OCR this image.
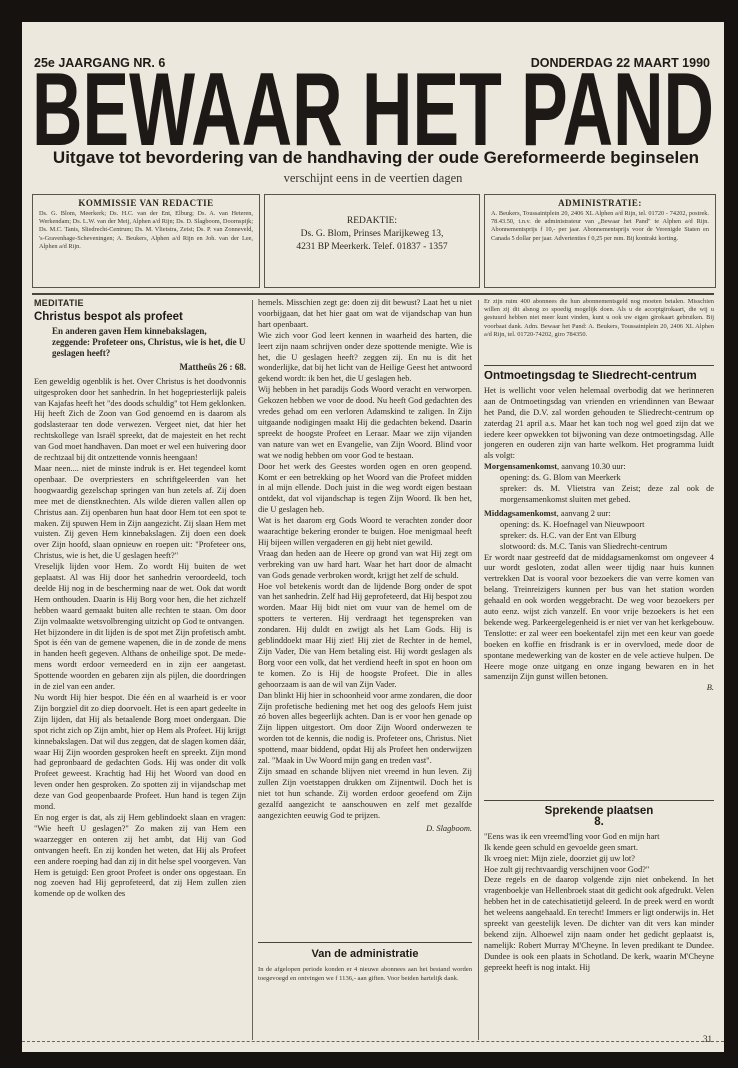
25e JAARGANG NR. 6	DONDERDAG 22 MAART 1990
BEWAAR HET PAND
Uitgave tot bevordering van de handhaving der oude Gereformeerde beginselen
verschijnt eens in de veertien dagen
KOMMISSIE VAN REDACTIE
Ds. G. Blom, Meerkerk; Ds. H.C. van der Ent, Elburg; Ds. A. van Heteren, Werkendam; Ds. L.W. van der Meij, Alphen a/d Rijn; Ds. D. Slagboom, Doornspijk; Ds. M.C. Tanis, Sliedrecht-Centrum; Ds. M. Vlietstra, Zeist; Ds. P. van Zonneveld, 's-Gravenhage-Scheveningen; A. Beukers, Alphen a/d Rijn en Joh. van der Lee, Alphen a/d Rijn.
REDAKTIE:
Ds. G. Blom, Prinses Marijkeweg 13,
4231 BP Meerkerk. Telef. 01837 - 1357
ADMINISTRATIE:
A. Beukers, Toussaintplein 20, 2406 XL Alphen a/d Rijn, tel. 01720 - 74202, postrek. 78.43.50, t.n.v. de administrateur van „Bewaar het Pand" te Alphen a/d Rijn. Abonnementsprijs f 10,- per jaar. Abonnementsprijs voor de Verenigde Staten en Canada 5 dollar per jaar. Advertenties f 0,25 per mm. Bij kontrakt korting.
MEDITATIE
Christus bespot als profeet
En anderen gaven Hem kinnebakslagen, zeggende: Profeteer ons, Christus, wie is het, die U geslagen heeft?
Mattheüs 26 : 68.

Een geweldig ogenblik is het. Over Christus is het doodvonnis uitgesproken door het sanhedrin. In het hogepriesterlijk paleis van Kajafas heeft het "des doods schuldig" tot Hem geklonken. Hij heeft Zich de Zoon van God genoemd en is daarom als godslasteraar ten dode verwezen. Vergeet niet, dat hier het rechtskollege van Israël spreekt, dat de majesteit en het recht van God moet handhaven. Dan moet er wel een huivering door de rechtzaal bij dit ontzettende vonnis heengaan!

Maar neen.... niet de minste indruk is er. Het tegendeel komt openbaar. De overpriesters en schriftgeleerden van het hoogwaardig gezelschap springen van hun zetels af. Zij doen mee met de dienstknechten. Als wilde dieren vallen allen op Christus aan. Zij openbaren hun haat door Hem tot een spot te maken. Zij spuwen Hem in Zijn aangezicht. Zij slaan Hem met vuisten. Zij geven Hem kinnebakslagen. Zij doen een doek over Zijn hoofd, slaan opnieuw en roepen uit: "Profeteer ons, Christus, wie is het, die U geslagen heeft?"

Vreselijk lijden voor Hem. Zo wordt Hij buiten de wet geplaatst. Al was Hij door het sanhedrin veroordeeld, toch deelde Hij nog in de bescherming naar de wet. Ook dat wordt Hem onthouden. Daarin is Hij Borg voor hen, die het zichzelf hebben waard gemaakt buiten alle rechten te staan. Om door Zijn volmaakte wetsvolbrenging uitzicht op God te ontvangen.

Het bijzondere in dit lijden is de spot met Zijn profetisch ambt. Spot is één van de gemene wapenen, die in de zonde de mens in handen heeft gegeven. Althans de onheilige spot. De mede-mens wordt erdoor verneederd en in zijn eer aangetast. Spottende woorden en gebaren zijn als pijlen, die doordringen in de ziel van een ander.

Nu wordt Hij hier bespot. Die één en al waarheid is er voor Zijn borgziel dit zo diep doorvoelt. Het is een apart gedeelte in Zijn lijden, dat Hij als betaalende Borg moet ondergaan. Die spot richt zich op Zijn ambt, hier op Hem als Profeet. Hij krijgt kinnebakslagen. Dat wil dus zeggen, dat de slagen komen dáár, waar Hij Zijn woorden gesproken heeft en spreekt. Zijn mond had gepronbaard de gedachten Gods. Hij was onder dit volk Profeet geweest. Krachtig had Hij het Woord van dood en leven onder hen gesproken. Zo spotten zij in vijandschap met deze van God geopenbaarde Profeet. Hun hand is tegen Zijn mond.

En nog erger is dat, als zij Hem geblindoekt slaan en vragen: "Wie heeft U geslagen?" Zo maken zij van Hem een waarzegger en onteren zij het ambt, dat Hij van God ontvangen heeft. En zij konden het weten, dat Hij als Profeet een andere roeping had dan zij in dit helse spel voorgeven. Van Hem is getuigd: Een groot Profeet is onder ons opgestaan. En nog zoeven had Hij geprofeteerd, dat zij Hem zullen zien komende op de wolken des

hemels. Misschien zegt ge: doen zij dit bewust? Laat het u niet voorbijgaan, dat het hier gaat om wat de vijandschap van hun hart openbaart.

Wie zich voor God leert kennen in waarheid des harten, die leert zijn naam schrijven onder deze spottende menigte. Wie is het, die U geslagen heeft? zeggen zij. En nu is dit het wonderlijke, dat bij het licht van de Heilige Geest het antwoord gekend wordt: ik ben het, die U geslagen heb.

Wij hebben in het paradijs Gods Woord veracht en verworpen. Gekozen hebben we voor de dood. Nu heeft God gedachten des vredes gehad om een verloren Adamskind te zaligen. In Zijn uitgaande nodigingen maakt Hij die gedachten bekend. Daarin spreekt de hoogste Profeet en Leraar. Maar we zijn vijanden van nature van wet en Evangelie, van Zijn Woord. Blind voor wat we nodig hebben om voor God te bestaan.

Door het werk des Geestes worden ogen en oren geopend. Komt er een betrekking op het Woord van die Profeet midden in al mijn ellende. Doch juist in die weg wordt eigen bestaan ontdekt, dat vol vijandschap is tegen Zijn Woord. Ik ben het, die U geslagen heb.

Wat is het daarom erg Gods Woord te verachten zonder door waarachtige bekering eronder te buigen. Hoe menigmaal heeft Hij bijeen willen vergaderen en gij hebt niet gewild.

Vraag dan heden aan de Heere op grond van wat Hij zegt om verbreking van uw hard hart. Waar het hart door de almacht van Gods genade verbroken wordt, krijgt het zelf de schuld.

Hoe vol betekenis wordt dan de lijdende Borg onder de spot van het sanhedrin. Zelf had Hij geprofeteerd, dat Hij bespot zou worden. Maar Hij bidt niet om vuur van de hemel om de spotters te verteren. Hij verdraagt het tegensprekеn van zondaren. Hij duldt en zwijgt als het Lam Gods. Hij is geblinddoekt maar Hij ziet! Hij ziet de Rechter in de hemel, Zijn Vader, Die van Hem betaling eist. Hij wordt geslagen als Borg voor een volk, dat het verdiend heeft in spot en hoon om te komen. Zo is Hij de hoogste Profeet. Die in alles gehoorzaam is aan de wil van Zijn Vader.

Dan blinkt Hij hier in schoonheid voor arme zondaren, die door Zijn profetische bediening met het oog des geloofs Hem juist zó boven alles begeerlijk achten. Dan is er voor hen genade op Zijn lippen uitgestort. Om door Zijn Woord onderwezen te worden tot de kennis, die nodig is. Profeteer ons, Christus. Niet spottend, maar biddend, opdat Hij als Profeet hen onderwijzen zal. "Maak in Uw Woord mijn gang en treden vast".

Zijn smaad en schande blijven niet vreemd in hun leven. Zij zullen Zijn voetstappen drukken om Zijnentwil. Doch het is niet tot hun schande. Zij worden erdoor geoefend om Zijn gezalfd aangezicht te aanschouwen en zelf met gezalfde aangezichten eeuwig God te prijzen.

D. Slagboom.
Van de administratie
In de afgelopen periode konden er 4 nieuwe abonnees aan het bestand worden toegevoegd en ontvingen we f 1136,- aan giften. Voor beiden hartelijk dank.
Er zijn ruim 400 abonnees die hun abonnementsgeld nog moeten betalen. Misschien willen zij dit alsnog zo spoedig mogelijk doen. Als u de acceptgirokaart, die wij u gestuurd hebben niet meer kunt vinden, kunt u ook uw eigen girokaart gebruiken. Bij voorbaat dank. Adm. Bewaar het Pand: A. Beukers, Toussaintplein 20, 2406 XL Alphen a/d Rijn, tel. 01720-74202, giro 784350.
Ontmoetingsdag te Sliedrecht-centrum

Het is wellicht voor velen helemaal overbodig dat we herinneren aan de Ontmoetingsdag van vrienden en vriendinnen van Bewaar het Pand, die D.V. zal worden gehouden te Sliedrecht-centrum op zaterdag 21 april a.s. Maar het kan toch nog wel goed zijn dat we iedere keer opwekken tot bijwoning van deze ontmoetingsdag. Alle jongeren en ouderen zijn van harte welkom. Het programma luidt als volgt:

Morgensamenkomst, aanvang 10.30 uur:

opening: ds. G. Blom van Meerkerk

spreker: ds. M. Vlietstra van Zeist; deze zal ook de morgensamenkomst sluiten met gebed.

Middagsamenkomst, aanvang 2 uur:

opening: ds. K. Hoefnagel van Nieuwpoort

spreker: ds. H.C. van der Ent van Elburg

slotwoord: ds. M.C. Tanis van Sliedrecht-centrum

Er wordt naar gestreefd dat de middagsamenkomst om ongeveer 4 uur wordt gesloten, zodat allen weer tijdig naar huis kunnen vertrekken Dat is vooral voor bezoekers die van verre komen van belang. Treinreizigers kunnen per bus van het station worden gehaald en ook worden weggebracht. De weg voor bezoekers per auto eenz. wijst zich vanzelf. En voor vrije bezoekers is het een bekende weg. Parkeergelegenheid is er niet ver van het kerkgebouw. Tenslotte: er zal weer een boekentafel zijn met een keur van goede boeken en koffie en frisdrank is er in overvloed, mede door de spontane medewerking van de koster en de vele actieve hulpen. De Heere moge onze uitgang en onze ingang bewaren en in het samenzijn Zijn gunst willen betonen.

B.
Sprekende plaatsen
8.

"Eens was ik een vreemd'ling voor God en mijn hart

Ik kende geen schuld en gevoelde geen smart.

Ik vroeg niet: Mijn ziele, doorziet gij uw lot?

Hoe zult gij rechtvaardig verschijnen voor God?"

Deze regels en de daarop volgende zijn niet onbekend. In het vragenboekje van Hellenbroek staat dit gedicht ook afgedrukt. Velen hebben het in de catechisatietijd geleerd. In de preek werd en wordt het weleens aangehaald. En terecht! Immers er ligt onderwijs in. Het spreekt van geestelijk leven. De dichter van dit vers kan minder bekend zijn. Alhoewel zijn naam onder het gedicht geplaatst is, namelijk: Robert Murray M'Cheyne. In leven predikant te Dundee. Dundee is ook een plaats in Schotland. De kerk, waarin M'Cheyne gepreekt heeft is nog intakt. Hij

31
